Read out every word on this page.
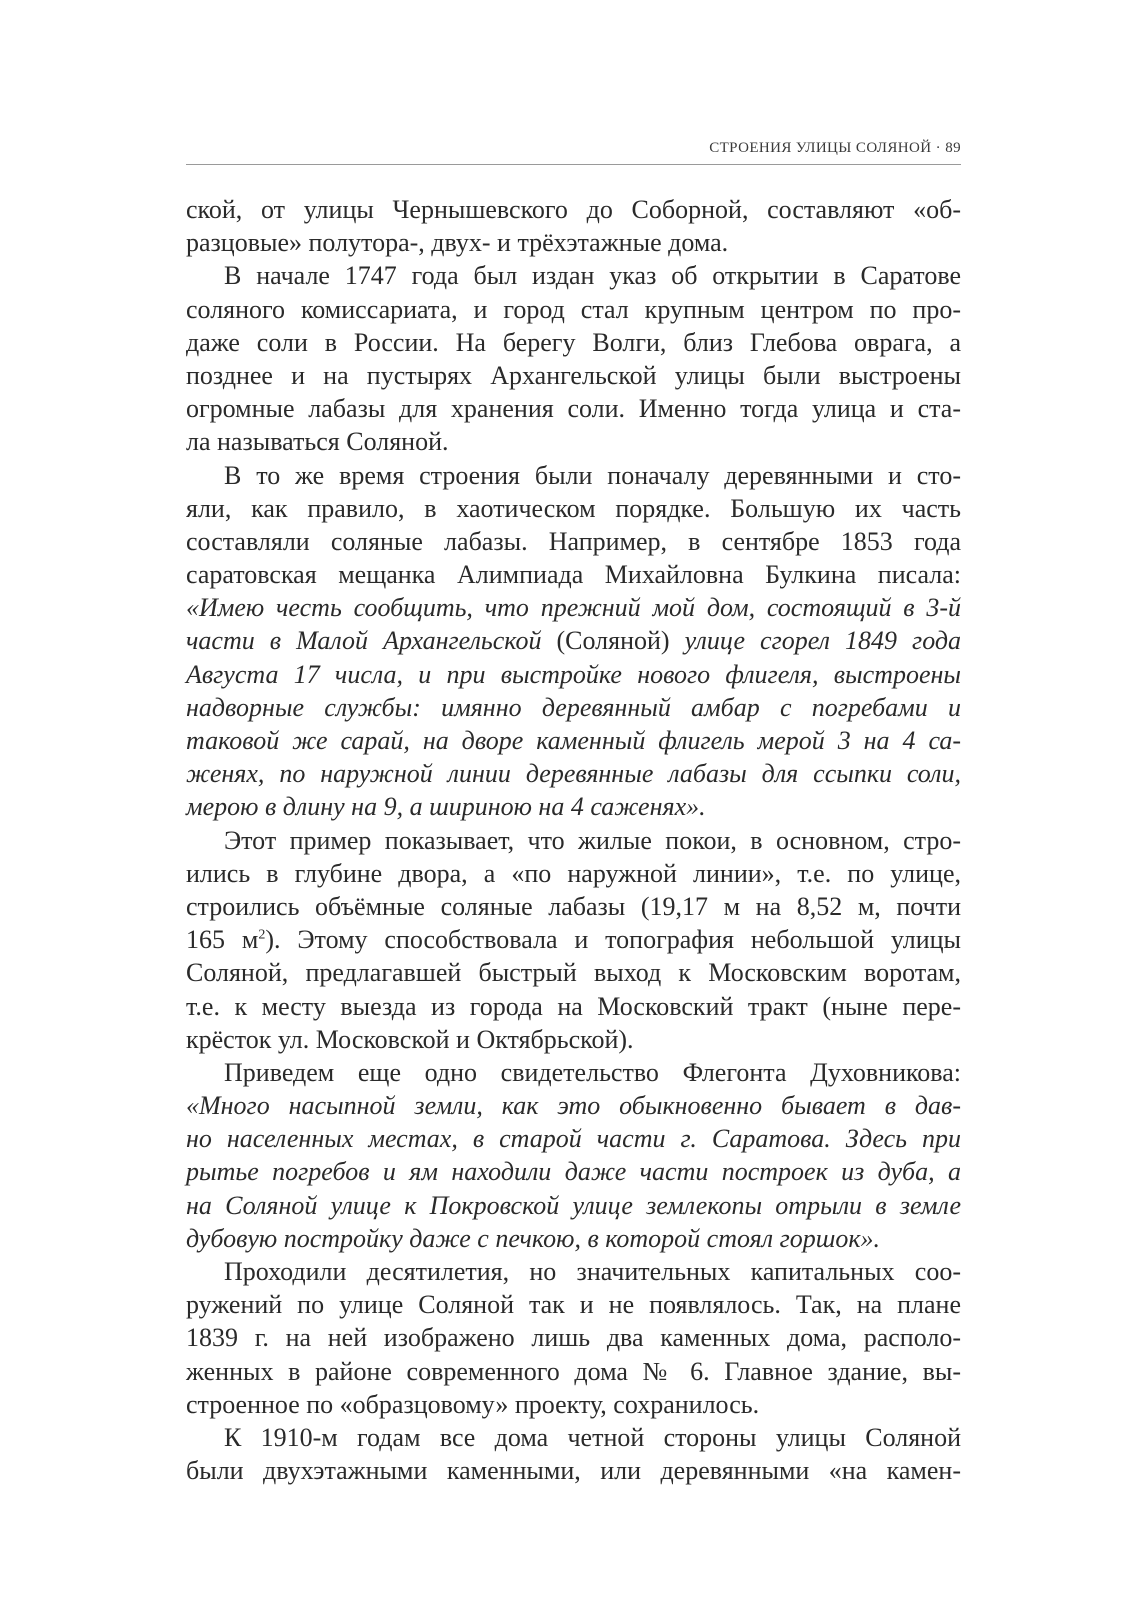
СТРОЕНИЯ УЛИЦЫ СОЛЯНОЙ · 89
ской, от улицы Чернышевского до Соборной, составляют «об-
разцовые» полутора-, двух- и трёхэтажные дома.
В начале 1747 года был издан указ об открытии в Саратове
соляного комиссариата, и город стал крупным центром по про-
даже соли в России. На берегу Волги, близ Глебова оврага, а
позднее и на пустырях Архангельской улицы были выстроены
огромные лабазы для хранения соли. Именно тогда улица и ста-
ла называться Соляной.
В то же время строения были поначалу деревянными и сто-
яли, как правило, в хаотическом порядке. Большую их часть
составляли соляные лабазы. Например, в сентябре 1853 года
саратовская мещанка Алимпиада Михайловна Булкина писала:
«Имею честь сообщить, что прежний мой дом, состоящий в 3-й
части в Малой Архангельской (Соляной) улице сгорел 1849 года
Августа 17 числа, и при выстройке нового флигеля, выстроены
надворные службы: имянно деревянный амбар с погребами и
таковой же сарай, на дворе каменный флигель мерой 3 на 4 са-
женях, по наружной линии деревянные лабазы для ссыпки соли,
мерою в длину на 9, а шириною на 4 саженях».
Этот пример показывает, что жилые покои, в основном, стро-
ились в глубине двора, а «по наружной линии», т.е. по улице,
строились объёмные соляные лабазы (19,17 м на 8,52 м, почти
165 $м^2$). Этому способствовала и топография небольшой улицы
Соляной, предлагавшей быстрый выход к Московским воротам,
т.е. к месту выезда из города на Московский тракт (ныне пере-
крёсток ул. Московской и Октябрьской).
Приведем еще одно свидетельство Флегонта Духовникова:
«Много насыпной земли, как это обыкновенно бывает в дав-
но населенных местах, в старой части г. Саратова. Здесь при
рытье погребов и ям находили даже части построек из дуба, а
на Соляной улице к Покровской улице землекопы отрыли в земле
дубовую постройку даже с печкою, в которой стоял горшок».
Проходили десятилетия, но значительных капитальных соо-
ружений по улице Соляной так и не появлялось. Так, на плане
1839 г. на ней изображено лишь два каменных дома, располо-
женных в районе современного дома № 6. Главное здание, вы-
строенное по «образцовому» проекту, сохранилось.
К 1910-м годам все дома четной стороны улицы Соляной
были двухэтажными каменными, или деревянными «на камен-
